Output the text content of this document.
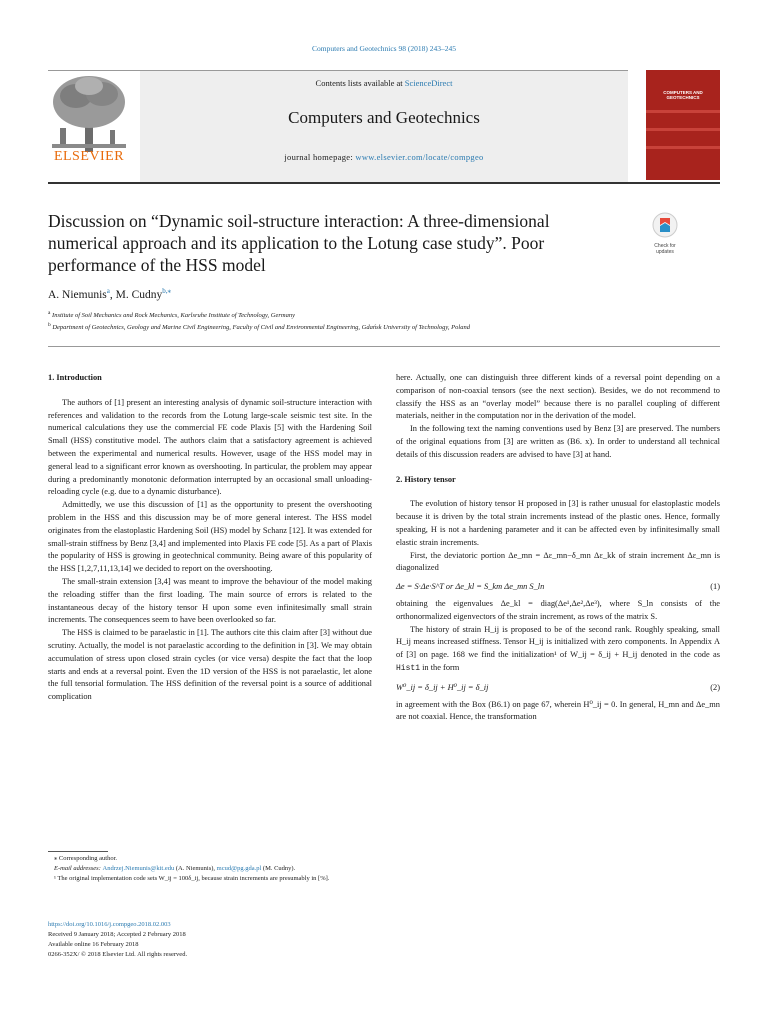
Computers and Geotechnics 98 (2018) 243–245
ELSEVIER
Contents lists available at ScienceDirect
Computers and Geotechnics
journal homepage: www.elsevier.com/locate/compgeo
COMPUTERS AND GEOTECHNICS
Discussion on “Dynamic soil-structure interaction: A three-dimensional numerical approach and its application to the Lotung case study”. Poor performance of the HSS model
Check for updates
A. Niemunis$^a$, M. Cudny$^{b,⁎}$
$^a$ Institute of Soil Mechanics and Rock Mechanics, Karlsruhe Institute of Technology, Germany
$^b$ Department of Geotechnics, Geology and Marine Civil Engineering, Faculty of Civil and Environmental Engineering, Gdańsk University of Technology, Poland
1. Introduction

The authors of [1] present an interesting analysis of dynamic soil-structure interaction with references and validation to the records from the Lotung large-scale seismic test site. In the numerical calculations they use the commercial FE code Plaxis [5] with the Hardening Soil Small (HSS) constitutive model. The authors claim that a satisfactory agreement is achieved between the experimental and numerical results. However, usage of the HSS model may in general lead to a significant error known as overshooting. In particular, the problem may appear during a predominantly monotonic deformation interrupted by an occasional small unloading-reloading cycle (e.g. due to a dynamic disturbance).

Admittedly, we use this discussion of [1] as the opportunity to present the overshooting problem in the HSS and this discussion may be of more general interest. The HSS model originates from the elastoplastic Hardening Soil (HS) model by Schanz [12]. It was extended for small-strain stiffness by Benz [3,4] and implemented into Plaxis FE code [5]. As a part of Plaxis the popularity of HSS is growing in geotechnical community. Being aware of this popularity of the HSS [1,2,7,11,13,14] we decided to report on the overshooting.

The small-strain extension [3,4] was meant to improve the behaviour of the model making the reloading stiffer than the first loading. The main source of errors is related to the instantaneous decay of the history tensor H upon some even infinitesimally small strain increments. The consequences seem to have been overlooked so far.

The HSS is claimed to be paraelastic in [1]. The authors cite this claim after [3] without due scrutiny. Actually, the model is not paraelastic according to the definition in [3]. We may obtain accumulation of stress upon closed strain cycles (or vice versa) despite the fact that the loop starts and ends at a reversal point. Even the 1D version of the HSS is not paraelastic, let alone the full tensorial formulation. The HSS definition of the reversal point is a source of additional complication

here. Actually, one can distinguish three different kinds of a reversal point depending on a comparison of non-coaxial tensors (see the next section). Besides, we do not recommend to classify the HSS as an “overlay model” because there is no parallel coupling of different materials, neither in the computation nor in the derivation of the model.

In the following text the naming conventions used by Benz [3] are preserved. The numbers of the original equations from [3] are written as (B6. x). In order to understand all technical details of this discussion readers are advised to have [3] at hand.

2. History tensor

The evolution of history tensor H proposed in [3] is rather unusual for elastoplastic models because it is driven by the total strain increments instead of the plastic ones. Hence, formally speaking, H is not a hardening parameter and it can be affected even by infinitesimally small elastic strain increments.

First, the deviatoric portion Δe_mn = Δε_mn−δ_mn Δε_kk of strain increment Δε_mn is diagonalized

Δe = S·Δe·S^T or Δe_kl = S_km Δe_mn S_ln	(1)

obtaining the eigenvalues Δe_kl = diag(Δe¹,Δe²,Δe³), where S_ln consists of the orthonormalized eigenvectors of the strain increment, as rows of the matrix S.

The history of strain H_ij is proposed to be of the second rank. Roughly speaking, small H_ij means increased stiffness. Tensor H_ij is initialized with zero components. In Appendix A of [3] on page. 168 we find the initialization¹ of W_ij = δ_ij + H_ij denoted in the code as Hist1 in the form

W⁰_ij = δ_ij + H⁰_ij = δ_ij	(2)

in agreement with the Box (B6.1) on page 67, wherein H⁰_ij = 0. In general, H_mn and Δe_mn are not coaxial. Hence, the transformation

⁎ Corresponding author.
E-mail addresses: Andrzej.Niemunis@kit.edu (A. Niemunis), mcud@pg.gda.pl (M. Cudny).
¹ The original implementation code sets W_ij = 100δ_ij, because strain increments are presumably in [%].
https://doi.org/10.1016/j.compgeo.2018.02.003
Received 9 January 2018; Accepted 2 February 2018
Available online 16 February 2018
0266-352X/ © 2018 Elsevier Ltd. All rights reserved.
